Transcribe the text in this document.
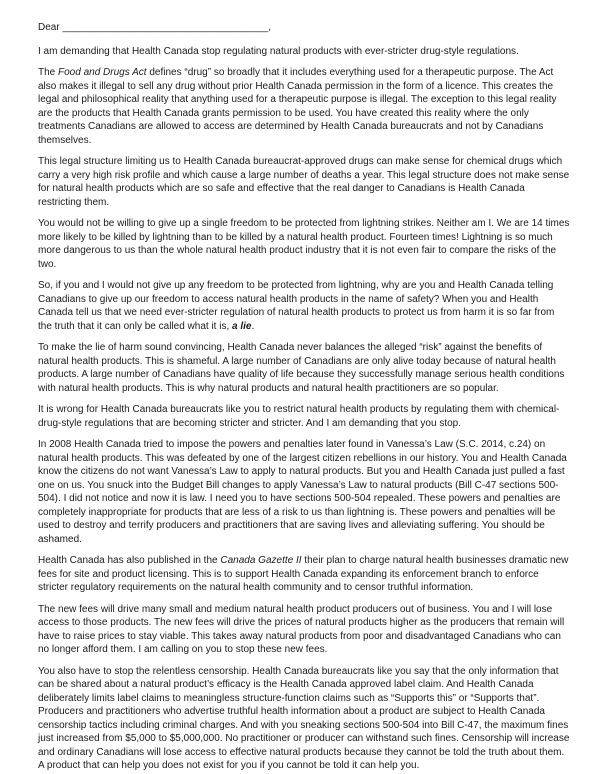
Dear _____________________________________,

I am demanding that Health Canada stop regulating natural products with ever-stricter drug-style regulations.

The Food and Drugs Act defines “drug” so broadly that it includes everything used for a therapeutic purpose. The Act also makes it illegal to sell any drug without prior Health Canada permission in the form of a licence. This creates the legal and philosophical reality that anything used for a therapeutic purpose is illegal. The exception to this legal reality are the products that Health Canada grants permission to be used. You have created this reality where the only treatments Canadians are allowed to access are determined by Health Canada bureaucrats and not by Canadians themselves.

This legal structure limiting us to Health Canada bureaucrat-approved drugs can make sense for chemical drugs which carry a very high risk profile and which cause a large number of deaths a year. This legal structure does not make sense for natural health products which are so safe and effective that the real danger to Canadians is Health Canada restricting them.

You would not be willing to give up a single freedom to be protected from lightning strikes. Neither am I. We are 14 times more likely to be killed by lightning than to be killed by a natural health product. Fourteen times! Lightning is so much more dangerous to us than the whole natural health product industry that it is not even fair to compare the risks of the two.

So, if you and I would not give up any freedom to be protected from lightning, why are you and Health Canada telling Canadians to give up our freedom to access natural health products in the name of safety? When you and Health Canada tell us that we need ever-stricter regulation of natural health products to protect us from harm it is so far from the truth that it can only be called what it is, a lie.

To make the lie of harm sound convincing, Health Canada never balances the alleged “risk” against the benefits of natural health products. This is shameful. A large number of Canadians are only alive today because of natural health products. A large number of Canadians have quality of life because they successfully manage serious health conditions with natural health products. This is why natural products and natural health practitioners are so popular.

It is wrong for Health Canada bureaucrats like you to restrict natural health products by regulating them with chemical-drug-style regulations that are becoming stricter and stricter. And I am demanding that you stop.

In 2008 Health Canada tried to impose the powers and penalties later found in Vanessa’s Law (S.C. 2014, c.24) on natural health products. This was defeated by one of the largest citizen rebellions in our history. You and Health Canada know the citizens do not want Vanessa’s Law to apply to natural products. But you and Health Canada just pulled a fast one on us. You snuck into the Budget Bill changes to apply Vanessa’s Law to natural products (Bill C-47 sections 500-504). I did not notice and now it is law. I need you to have sections 500-504 repealed. These powers and penalties are completely inappropriate for products that are less of a risk to us than lightning is. These powers and penalties will be used to destroy and terrify producers and practitioners that are saving lives and alleviating suffering. You should be ashamed.

Health Canada has also published in the Canada Gazette II their plan to charge natural health businesses dramatic new fees for site and product licensing. This is to support Health Canada expanding its enforcement branch to enforce stricter regulatory requirements on the natural health community and to censor truthful information.

The new fees will drive many small and medium natural health product producers out of business. You and I will lose access to those products. The new fees will drive the prices of natural products higher as the producers that remain will have to raise prices to stay viable. This takes away natural products from poor and disadvantaged Canadians who can no longer afford them. I am calling on you to stop these new fees.

You also have to stop the relentless censorship. Health Canada bureaucrats like you say that the only information that can be shared about a natural product’s efficacy is the Health Canada approved label claim. And Health Canada deliberately limits label claims to meaningless structure-function claims such as “Supports this” or “Supports that”. Producers and practitioners who advertise truthful health information about a product are subject to Health Canada censorship tactics including criminal charges. And with you sneaking sections 500-504 into Bill C-47, the maximum fines just increased from $5,000 to $5,000,000. No practitioner or producer can withstand such fines. Censorship will increase and ordinary Canadians will lose access to effective natural products because they cannot be told the truth about them. A product that can help you does not exist for you if you cannot be told it can help you.
